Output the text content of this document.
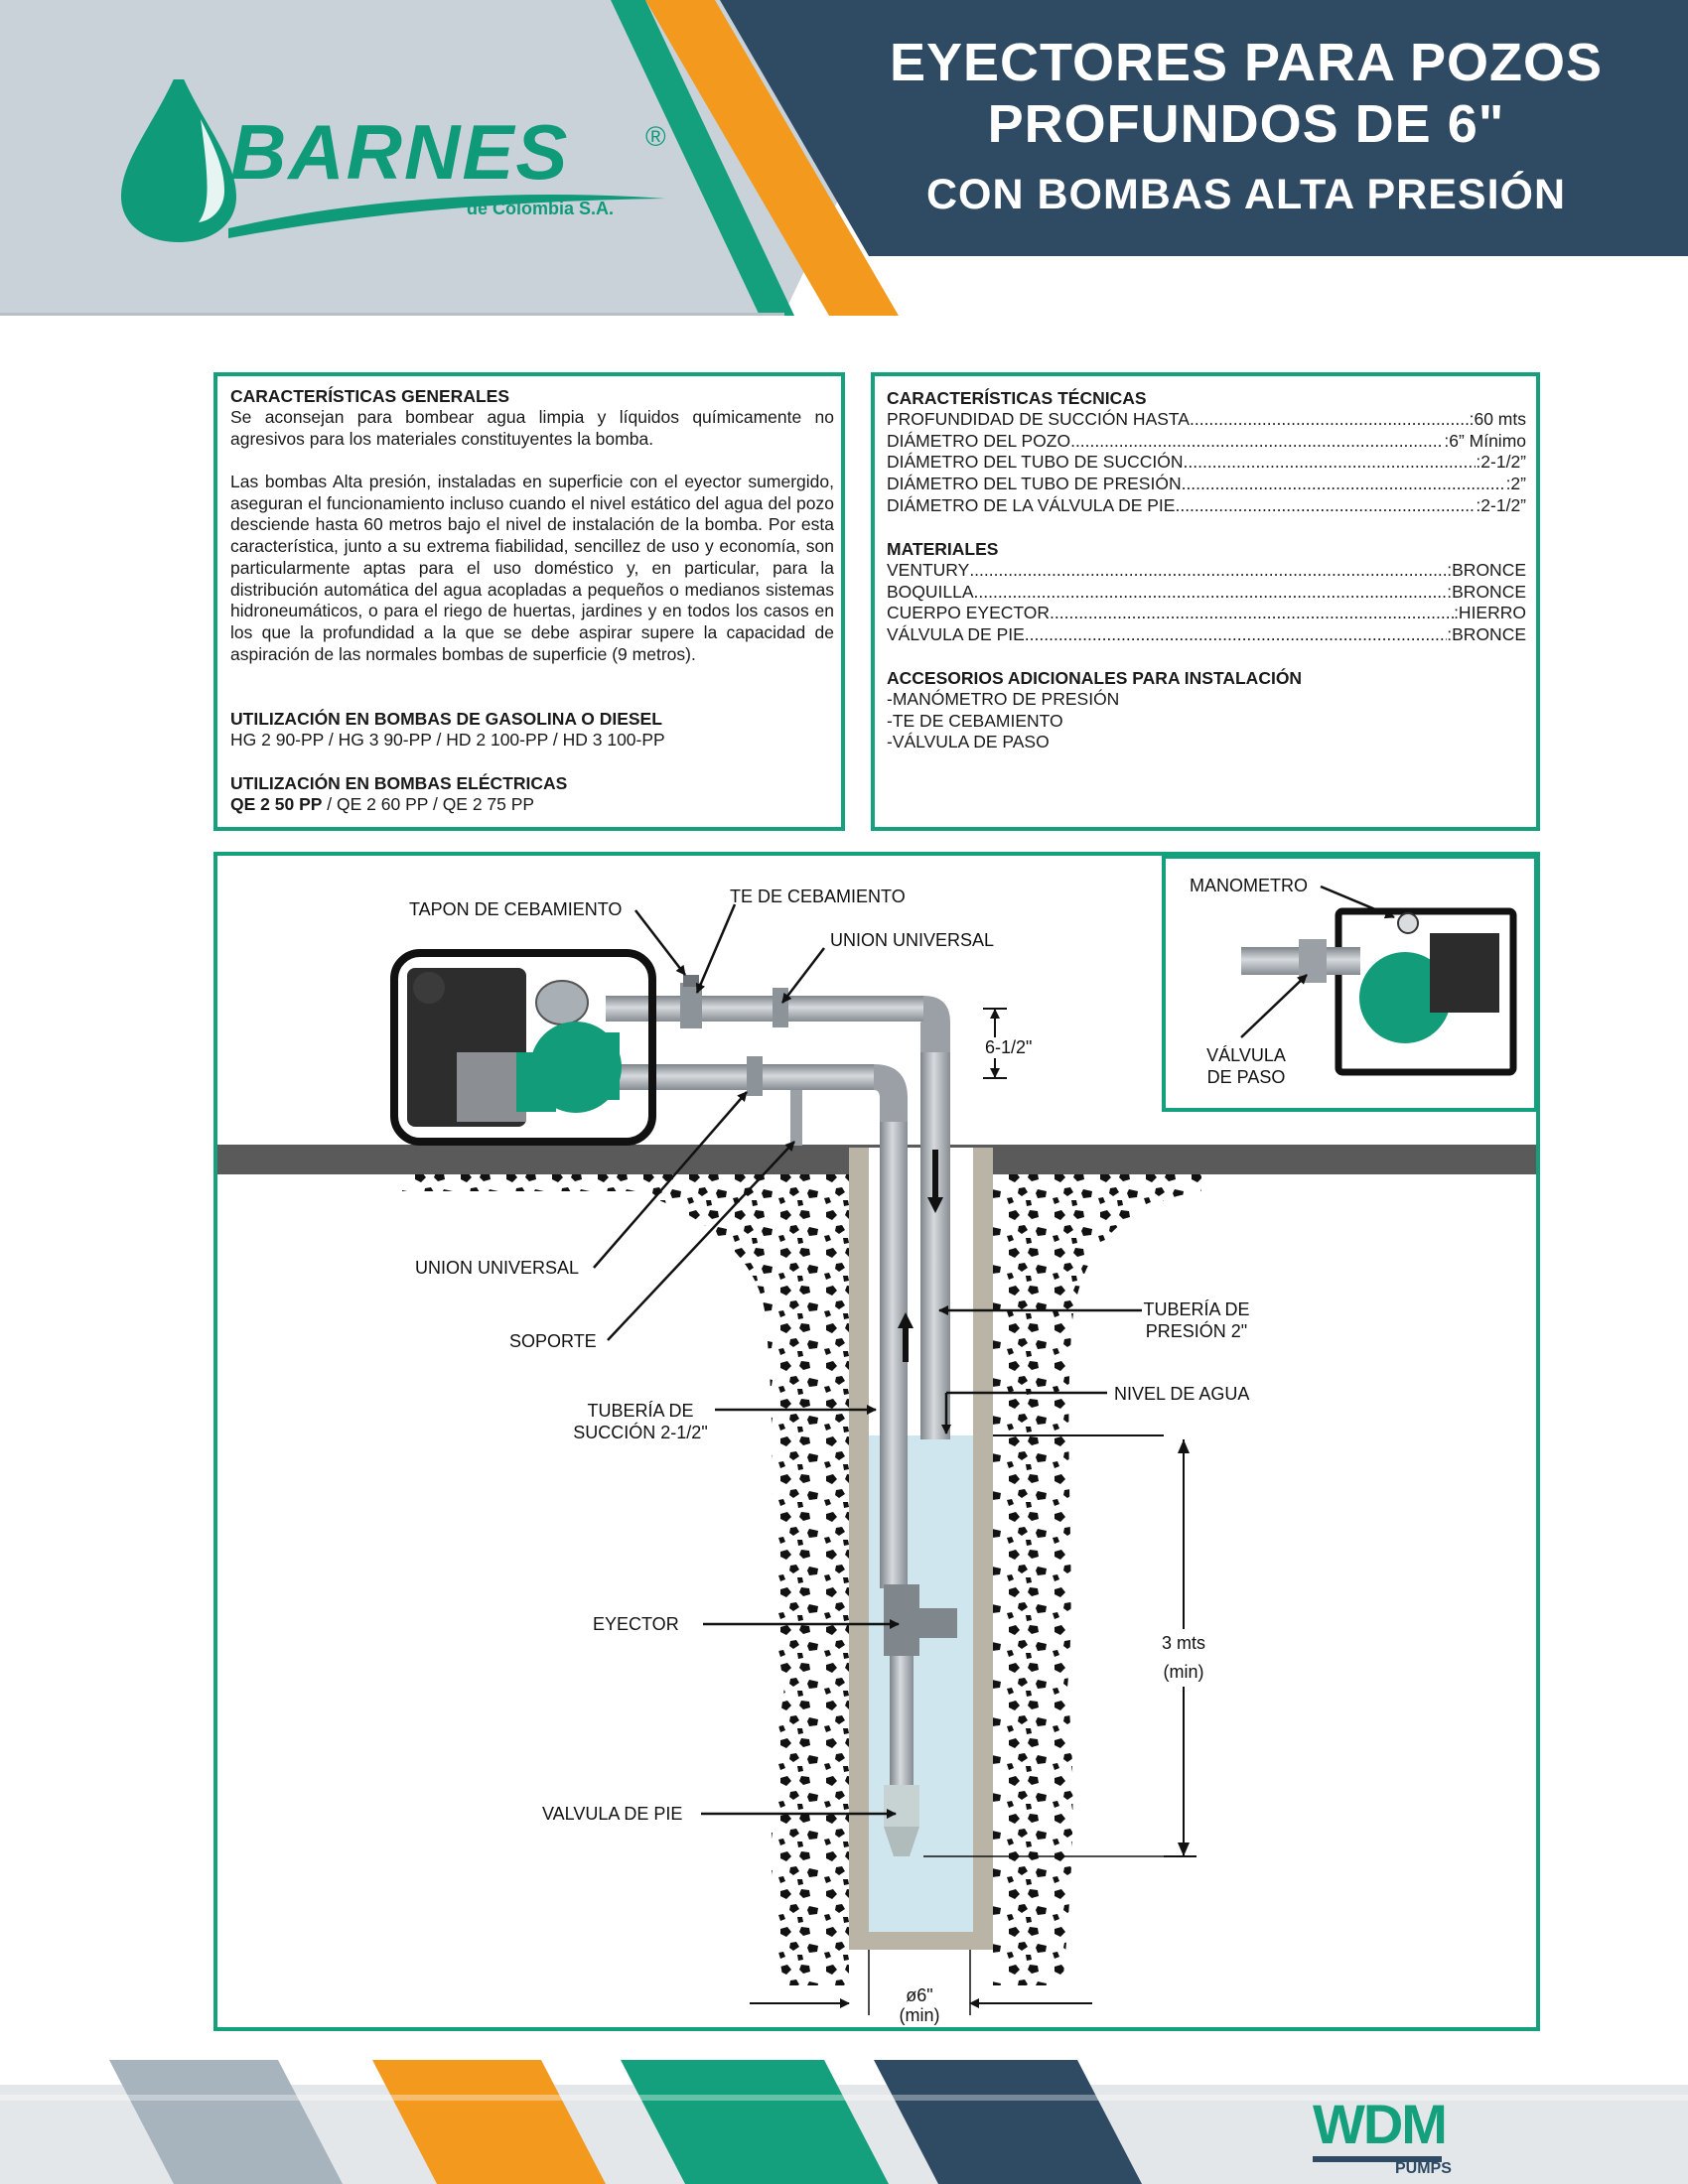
BARNES	®
de Colombia S.A.
EYECTORES PARA POZOS
PROFUNDOS DE 6"
CON BOMBAS ALTA PRESIÓN
CARACTERÍSTICAS GENERALES
Se aconsejan para bombear agua limpia y líquidos químicamente no agresivos para los materiales constituyentes la bomba.
Las bombas Alta presión, instaladas en superficie con el eyector sumergido, aseguran el funcionamiento incluso cuando el nivel estático del agua del pozo desciende hasta 60 metros bajo el nivel de instalación de la bomba. Por esta característica, junto a su extrema fiabilidad, sencillez de uso y economía, son particularmente aptas para el uso doméstico y, en particular, para la distribución automática del agua acopladas a pequeños o medianos sistemas hidroneumáticos, o para el riego de huertas, jardines y en todos los casos en los que la profundidad a la que se debe aspirar supere la capacidad de aspiración de las normales bombas de superficie (9 metros).
UTILIZACIÓN EN BOMBAS DE GASOLINA O DIESEL
HG 2 90-PP / HG 3 90-PP / HD 2 100-PP / HD 3 100-PP
UTILIZACIÓN EN BOMBAS ELÉCTRICAS
QE 2 50 PP / QE 2 60 PP / QE 2 75 PP
CARACTERÍSTICAS TÉCNICAS
PROFUNDIDAD DE SUCCIÓN HASTA .....	:60 mts
DIÁMETRO DEL POZO .....	:6” Mínimo
DIÁMETRO DEL TUBO DE SUCCIÓN .....	:2-1/2”
DIÁMETRO DEL TUBO DE PRESIÓN .....	:2”
DIÁMETRO DE LA VÁLVULA DE PIE .....	:2-1/2”
MATERIALES
VENTURY .....	:BRONCE
BOQUILLA .....	:BRONCE
CUERPO EYECTOR .....	:HIERRO
VÁLVULA DE PIE .....	:BRONCE
ACCESORIOS ADICIONALES PARA INSTALACIÓN
-MANÓMETRO DE PRESIÓN
-TE DE CEBAMIENTO
-VÁLVULA DE PASO
TAPON DE CEBAMIENTO
TE DE CEBAMIENTO
UNION UNIVERSAL
6-1/2"
UNION UNIVERSAL
SOPORTE
TUBERÍA DE
PRESIÓN 2"
NIVEL DE AGUA
TUBERÍA DE
SUCCIÓN 2-1/2"
EYECTOR
3 mts
(min)
VALVULA DE PIE
ø6"
(min)
MANOMETRO
VÁLVULA
DE PASO
WDM
PUMPS
